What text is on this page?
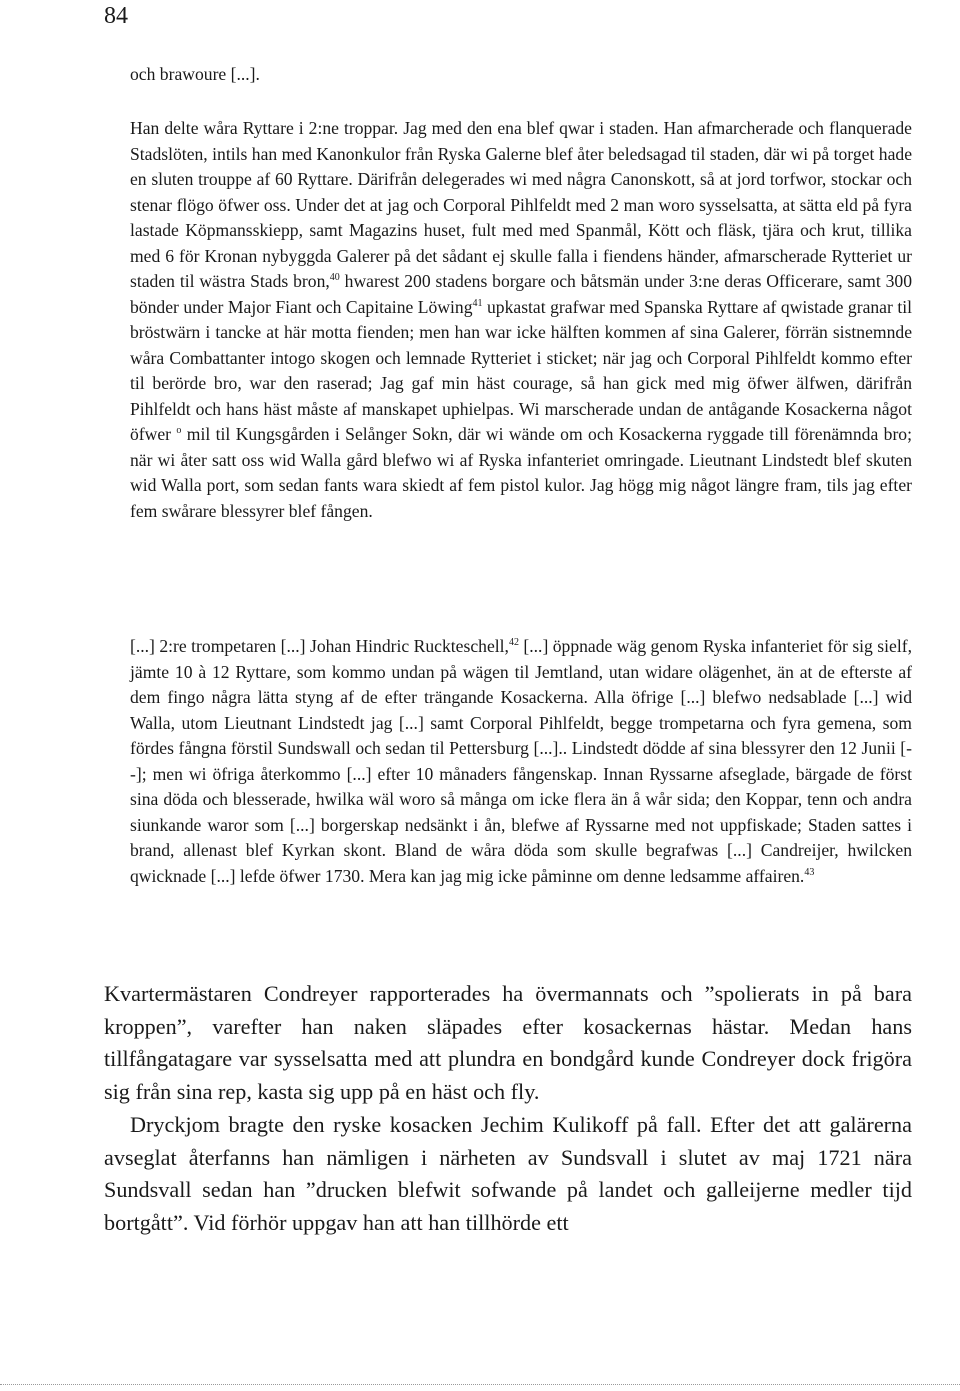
84

och brawoure [...].

Han delte wåra Ryttare i 2:ne troppar. Jag med den ena blef qwar i staden. Han afmarcherade och flanquerade Stadslöten, intils han med Kanonkulor från Ryska Galerne blef åter beledsagad til staden, där wi på torget hade en sluten trouppe af 60 Ryttare. Därifrån delegerades wi med några Canonskott, så at jord torfwor, stockar och stenar flögo öfwer oss. Under det at jag och Corporal Pihlfeldt med 2 man woro sysselsatta, at sätta eld på fyra lastade Köpmansskiepp, samt Magazins huset, fult med med Spanmål, Kött och fläsk, tjära och krut, tillika med 6 för Kronan nybyggda Galerer på det sådant ej skulle falla i fiendens händer, afmarscherade Rytteriet ur staden til wästra Stads bron,$^{40}$ hwarest 200 stadens borgare och båtsmän under 3:ne deras Officerare, samt 300 bönder under Major Fiant och Capitaine Löwing$^{41}$ upkastat grafwar med Spanska Ryttare af qwistade granar til bröstwärn i tancke at här motta fienden; men han war icke hälften kommen af sina Galerer, förrän sistnemnde wåra Combattanter intogo skogen och lemnade Rytteriet i sticket; när jag och Corporal Pihlfeldt kommo efter til berörde bro, war den raserad; Jag gaf min häst courage, så han gick med mig öfwer älfwen, därifrån Pihlfeldt och hans häst måste af manskapet uphielpas. Wi marscherade undan de antågande Kosackerna något öfwer $^o$ mil til Kungsgården i Selånger Sokn, där wi wände om och Kosackerna ryggade till förenämnda bro; när wi åter satt oss wid Walla gård blefwo wi af Ryska infanteriet omringade. Lieutnant Lindstedt blef skuten wid Walla port, som sedan fants wara skiedt af fem pistol kulor. Jag högg mig något längre fram, tils jag efter fem swårare blessyrer blef fången.

[...] 2:re trompetaren [...] Johan Hindric Ruckteschell,$^{42}$ [...] öppnade wäg genom Ryska infanteriet för sig sielf, jämte 10 à 12 Ryttare, som kommo undan på wägen til Jemtland, utan widare olägenhet, än at de efterste af dem fingo några lätta styng af de efter trängande Kosackerna. Alla öfrige [...] blefwo nedsablade [...] wid Walla, utom Lieutnant Lindstedt jag [...] samt Corporal Pihlfeldt, begge trompetarna och fyra gemena, som fördes fångna förstil Sundswall och sedan til Pettersburg [...].. Lindstedt dödde af sina blessyrer den 12 Junii [- -]; men wi öfriga återkommo [...] efter 10 månaders fångenskap. Innan Ryssarne afseglade, bärgade de först sina döda och blesserade, hwilka wäl woro så många om icke flera än å wår sida; den Koppar, tenn och andra siunkande waror som [...] borgerskap nedsänkt i ån, blefwe af Ryssarne med not uppfiskade; Staden sattes i brand, allenast blef Kyrkan skont. Bland de wåra döda som skulle begrafwas [...] Candreijer, hwilcken qwicknade [...] lefde öfwer 1730. Mera kan jag mig icke påminne om denne ledsamme affairen.$^{43}$

Kvartermästaren Condreyer rapporterades ha övermannats och ”spolierats in på bara kroppen”, varefter han naken släpades efter kosackernas hästar. Medan hans tillfångatagare var sysselsatta med att plundra en bondgård kunde Condreyer dock frigöra sig från sina rep, kasta sig upp på en häst och fly.

Dryckjom bragte den ryske kosacken Jechim Kulikoff på fall. Efter det att galärerna avseglat återfanns han nämligen i närheten av Sundsvall i slutet av maj 1721 nära Sundsvall sedan han ”drucken blefwit sofwande på landet och galleijerne medler tijd bortgått”. Vid förhör uppgav han att han tillhörde ett
